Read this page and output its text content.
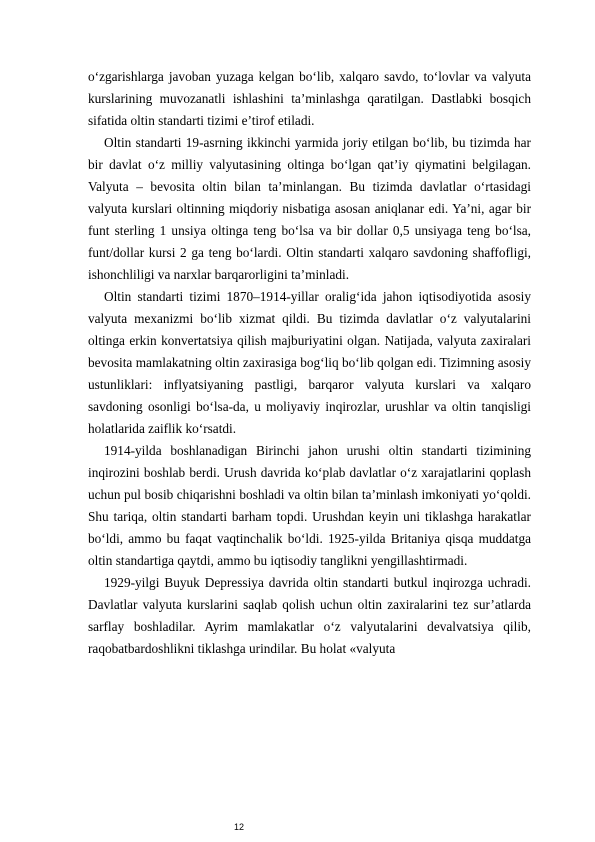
o‘zgarishlarga javoban yuzaga kelgan bo‘lib, xalqaro savdo, to‘lovlar va valyuta kurslarining muvozanatli ishlashini ta’minlashga qaratilgan. Dastlabki bosqich sifatida oltin standarti tizimi e’tirof etiladi.

Oltin standarti 19-asrning ikkinchi yarmida joriy etilgan bo‘lib, bu tizimda har bir davlat o‘z milliy valyutasining oltinga bo‘lgan qat’iy qiymatini belgilagan. Valyuta – bevosita oltin bilan ta’minlangan. Bu tizimda davlatlar o‘rtasidagi valyuta kurslari oltinning miqdoriy nisbatiga asosan aniqlanar edi. Ya’ni, agar bir funt sterling 1 unsiya oltinga teng bo‘lsa va bir dollar 0,5 unsiyaga teng bo‘lsa, funt/dollar kursi 2 ga teng bo‘lardi. Oltin standarti xalqaro savdoning shaffofligi, ishonchliligi va narxlar barqarorligini ta’minladi.

Oltin standarti tizimi 1870–1914-yillar oralig‘ida jahon iqtisodiyotida asosiy valyuta mexanizmi bo‘lib xizmat qildi. Bu tizimda davlatlar o‘z valyutalarini oltinga erkin konvertatsiya qilish majburiyatini olgan. Natijada, valyuta zaxiralari bevosita mamlakatning oltin zaxirasiga bog‘liq bo‘lib qolgan edi. Tizimning asosiy ustunliklari: inflyatsiyaning pastligi, barqaror valyuta kurslari va xalqaro savdoning osonligi bo‘lsa-da, u moliyaviy inqirozlar, urushlar va oltin tanqisligi holatlarida zaiflik ko‘rsatdi.

1914-yilda boshlanadigan Birinchi jahon urushi oltin standarti tizimining inqirozini boshlab berdi. Urush davrida ko‘plab davlatlar o‘z xarajatlarini qoplash uchun pul bosib chiqarishni boshladi va oltin bilan ta’minlash imkoniyati yo‘qoldi. Shu tariqa, oltin standarti barham topdi. Urushdan keyin uni tiklashga harakatlar bo‘ldi, ammo bu faqat vaqtinchalik bo‘ldi. 1925-yilda Britaniya qisqa muddatga oltin standartiga qaytdi, ammo bu iqtisodiy tanglikni yengillashtirmadi.

1929-yilgi Buyuk Depressiya davrida oltin standarti butkul inqirozga uchradi. Davlatlar valyuta kurslarini saqlab qolish uchun oltin zaxiralarini tez sur’atlarda sarflay boshladilar. Ayrim mamlakatlar o‘z valyutalarini devalvatsiya qilib, raqobatbardoshlikni tiklashga urindilar. Bu holat «valyuta

12
